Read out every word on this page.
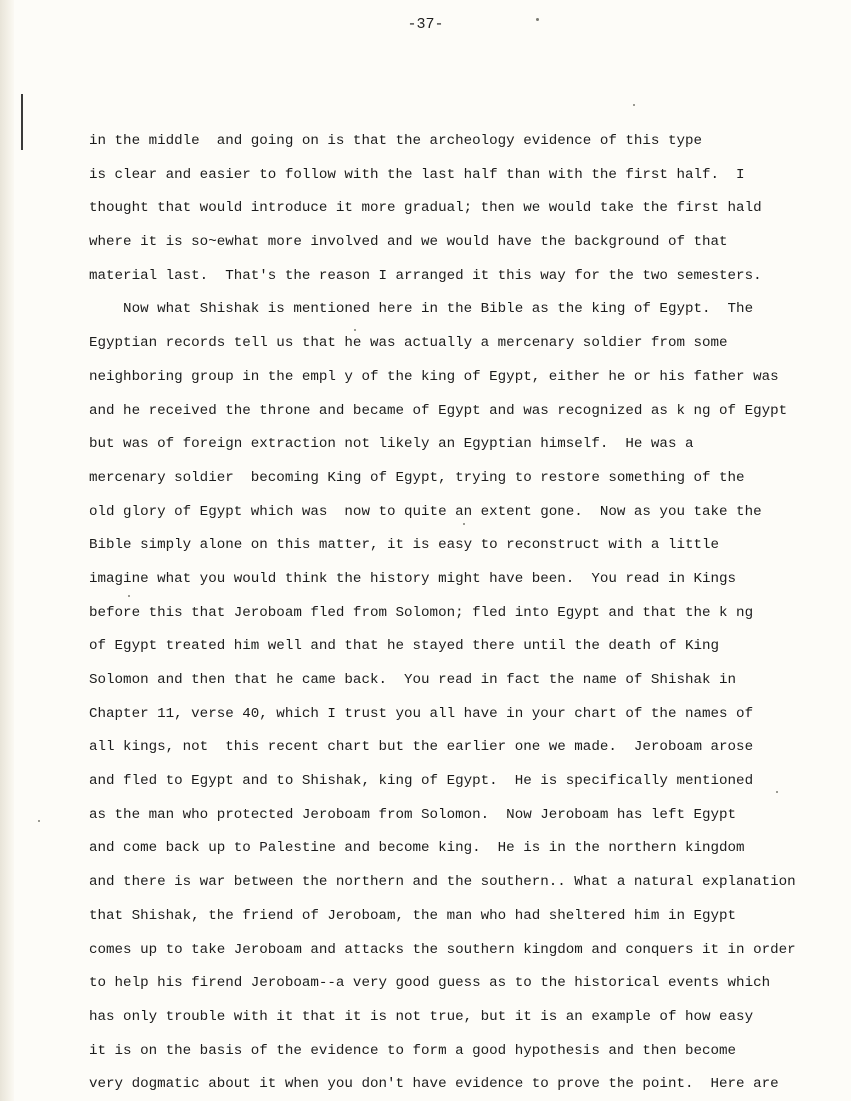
-37-
in the middle  and going on is that the archeology evidence of this type
is clear and easier to follow with the last half than with the first half.  I
thought that would introduce it more gradual; then we would take the first hald
where it is so~ewhat more involved and we would have the background of that
material last.  That's the reason I arranged it this way for the two semesters.
Now what Shishak is mentioned here in the Bible as the king of Egypt.  The
Egyptian records tell us that he was actually a mercenary soldier from some
neighboring group in the empl y of the king of Egypt, either he or his father was
and he received the throne and became of Egypt and was recognized as k ng of Egypt
but was of foreign extraction not likely an Egyptian himself.  He was a
mercenary soldier  becoming King of Egypt, trying to restore something of the
old glory of Egypt which was  now to quite an extent gone.  Now as you take the
Bible simply alone on this matter, it is easy to reconstruct with a little
imagine what you would think the history might have been.  You read in Kings
before this that Jeroboam fled from Solomon; fled into Egypt and that the k ng
of Egypt treated him well and that he stayed there until the death of King
Solomon and then that he came back.  You read in fact the name of Shishak in
Chapter 11, verse 40, which I trust you all have in your chart of the names of
all kings, not  this recent chart but the earlier one we made.  Jeroboam arose
and fled to Egypt and to Shishak, king of Egypt.  He is specifically mentioned
as the man who protected Jeroboam from Solomon.  Now Jeroboam has left Egypt
and come back up to Palestine and become king.  He is in the northern kingdom
and there is war between the northern and the southern.. What a natural explanation
that Shishak, the friend of Jeroboam, the man who had sheltered him in Egypt
comes up to take Jeroboam and attacks the southern kingdom and conquers it in order
to help his firend Jeroboam--a very good guess as to the historical events which
has only trouble with it that it is not true, but it is an example of how easy
it is on the basis of the evidence to form a good hypothesis and then become
very dogmatic about it when you don't have evidence to prove the point.  Here are
